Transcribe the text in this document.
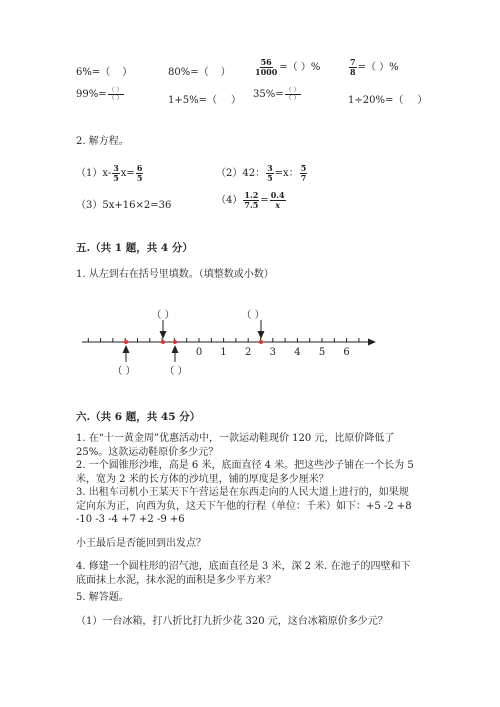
6%=（ ）	80%=（ ）	$\frac{56}{1000}$ =（ ）%	$\frac{7}{8}$ =（ ）%
$99\%= \frac{( )}{( )}$	1+5%=（ ）
$35\%= \frac{( )}{( )}$	1÷20%=（ ）
2. 解方程。
$(1)x- \frac{3}{5} x= \frac{6}{5}$	（2）42： $\frac{3}{5} =x$： $\frac{5}{7}$
（3）5x+16×2=36	$(4) \frac{1.2}{7.5} = \frac{0.4}{x}$
五.（共 1 题，共 4 分）
1. 从左到右在括号里填数。（填整数或小数）
0 1 2 3 4 5 6
（ ）	（ ）
（ ）	（ ）
六.（共 6 题，共 45 分）
1. 在“十一黄金周”优惠活动中，一款运动鞋现价 120 元，比原价降低了 25%。这款运动鞋原价多少元？
2. 一个圆锥形沙堆，高是 6 米，底面直径 4 米。把这些沙子铺在一个长为 5 米，宽为 2 米的长方体的沙坑里，铺的厚度是多少厘米？
3. 出租车司机小王某天下午营运是在东西走向的人民大道上进行的，如果规定向东为正，向西为负，这天下午他的行程（单位：千米）如下：+5 -2 +8 -10 -3 -4 +7 +2 -9 +6
小王最后是否能回到出发点？
4. 修建一个圆柱形的沼气池，底面直径是 3 米，深 2 米. 在池子的四壁和下底面抹上水泥，抹水泥的面积是多少平方米？
5. 解答题。
（1）一台冰箱，打八折比打九折少花 320 元，这台冰箱原价多少元？
